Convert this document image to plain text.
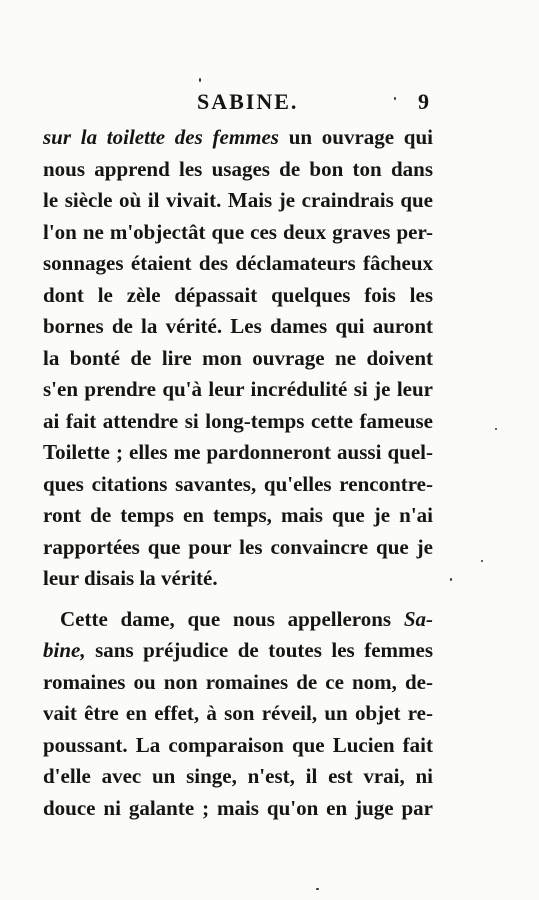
SABINE.	9
sur la toilette des femmes un ouvrage qui
nous apprend les usages de bon ton dans
le siècle où il vivait. Mais je craindrais que
l'on ne m'objectât que ces deux graves per-
sonnages étaient des déclamateurs fâcheux
dont le zèle dépassait quelques fois les
bornes de la vérité. Les dames qui auront
la bonté de lire mon ouvrage ne doivent
s'en prendre qu'à leur incrédulité si je leur
ai fait attendre si long-temps cette fameuse
Toilette ; elles me pardonneront aussi quel-
ques citations savantes, qu'elles rencontre-
ront de temps en temps, mais que je n'ai
rapportées que pour les convaincre que je
leur disais la vérité.
Cette dame, que nous appellerons Sa-
bine, sans préjudice de toutes les femmes
romaines ou non romaines de ce nom, de-
vait être en effet, à son réveil, un objet re-
poussant. La comparaison que Lucien fait
d'elle avec un singe, n'est, il est vrai, ni
douce ni galante ; mais qu'on en juge par
